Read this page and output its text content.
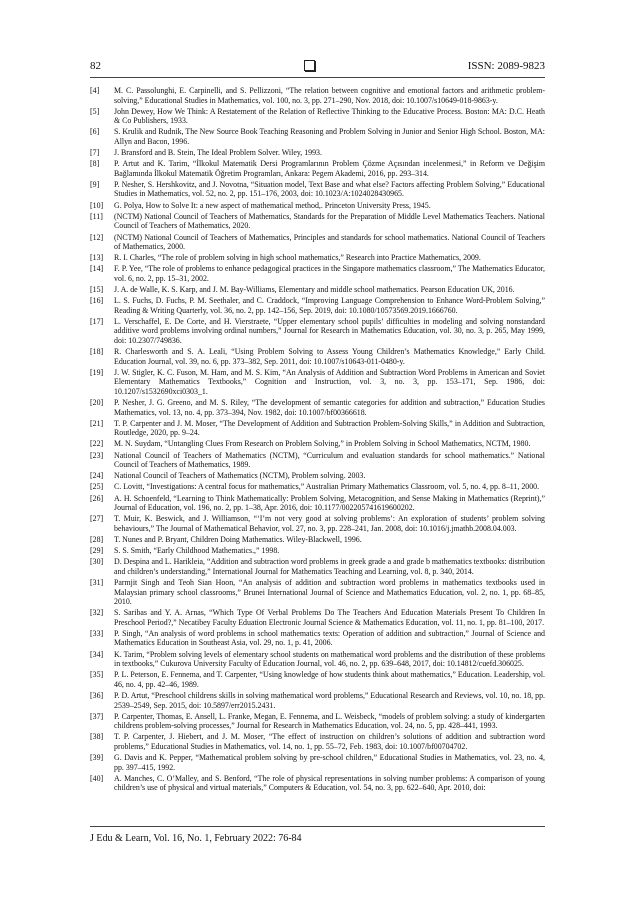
82	ISSN: 2089-9823
[4]	M. C. Passolunghi, E. Carpinelli, and S. Pellizzoni, “The relation between cognitive and emotional factors and arithmetic problem-solving,” Educational Studies in Mathematics, vol. 100, no. 3, pp. 271–290, Nov. 2018, doi: 10.1007/s10649-018-9863-y.
[5]	John Dewey, How We Think: A Restatement of the Relation of Reflective Thinking to the Educative Process. Boston: MA: D.C. Heath & Co Publishers, 1933.
[6]	S. Krulik and Rudnik, The New Source Book Teaching Reasoning and Problem Solving in Junior and Senior High School. Boston, MA: Allyn and Bacon, 1996.
[7]	J. Bransford and B. Stein, The Ideal Problem Solver. Wiley, 1993.
[8]	P. Artut and K. Tarim, “İlkokul Matematik Dersi Programlarının Problem Çözme Açısından incelenmesi,” in Reform ve Değişim Bağlamında İlkokul Matematik Öğretim Programları, Ankara: Pegem Akademi, 2016, pp. 293–314.
[9]	P. Nesher, S. Hershkovitz, and J. Novotna, “Situation model, Text Base and what else? Factors affecting Problem Solving,” Educational Studies in Mathematics, vol. 52, no. 2, pp. 151–176, 2003, doi: 10.1023/A:1024028430965.
[10]	G. Polya, How to Solve It: a new aspect of mathematical method,. Princeton University Press, 1945.
[11]	(NCTM) National Council of Teachers of Mathematics, Standards for the Preparation of Middle Level Mathematics Teachers. National Council of Teachers of Mathematics, 2020.
[12]	(NCTM) National Council of Teachers of Mathematics, Principles and standards for school mathematics. National Council of Teachers of Mathematics, 2000.
[13]	R. I. Charles, “The role of problem solving in high school mathematics,” Research into Practice Mathematics, 2009.
[14]	F. P. Yee, “The role of problems to enhance pedagogical practices in the Singapore mathematics classroom,” The Mathematics Educator, vol. 6, no. 2, pp. 15–31, 2002.
[15]	J. A. de Walle, K. S. Karp, and J. M. Bay-Williams, Elementary and middle school mathematics. Pearson Education UK, 2016.
[16]	L. S. Fuchs, D. Fuchs, P. M. Seethaler, and C. Craddock, “Improving Language Comprehension to Enhance Word‐Problem Solving,” Reading & Writing Quarterly, vol. 36, no. 2, pp. 142–156, Sep. 2019, doi: 10.1080/10573569.2019.1666760.
[17]	L. Verschaffel, E. De Corte, and H. Vierstraete, “Upper elementary school pupils’ difficulties in modeling and solving nonstandard additive word problems involving ordinal numbers,” Journal for Research in Mathematics Education, vol. 30, no. 3, p. 265, May 1999, doi: 10.2307/749836.
[18]	R. Charlesworth and S. A. Leali, “Using Problem Solving to Assess Young Children’s Mathematics Knowledge,” Early Child. Education Journal, vol. 39, no. 6, pp. 373–382, Sep. 2011, doi: 10.1007/s10643-011-0480-y.
[19]	J. W. Stigler, K. C. Fuson, M. Ham, and M. S. Kim, “An Analysis of Addition and Subtraction Word Problems in American and Soviet Elementary Mathematics Textbooks,” Cognition and Instruction, vol. 3, no. 3, pp. 153–171, Sep. 1986, doi: 10.1207/s1532690xci0303_1.
[20]	P. Nesher, J. G. Greeno, and M. S. Riley, “The development of semantic categories for addition and subtraction,” Education Studies Mathematics, vol. 13, no. 4, pp. 373–394, Nov. 1982, doi: 10.1007/bf00366618.
[21]	T. P. Carpenter and J. M. Moser, “The Development of Addition and Subtraction Problem‐Solving Skills,” in Addition and Subtraction, Routledge, 2020, pp. 9–24.
[22]	M. N. Suydam, “Untangling Clues From Research on Problem Solving,” in Problem Solving in School Mathematics, NCTM, 1980.
[23]	National Council of Teachers of Mathematics (NCTM), “Curriculum and evaluation standards for school mathematics.” National Council of Teachers of Mathematics, 1989.
[24]	National Council of Teachers of Mathematics (NCTM), Problem solving. 2003.
[25]	C. Lovitt, “Investigations: A central focus for mathematics,” Australian Primary Mathematics Classroom, vol. 5, no. 4, pp. 8–11, 2000.
[26]	A. H. Schoenfeld, “Learning to Think Mathematically: Problem Solving, Metacognition, and Sense Making in Mathematics (Reprint),” Journal of Education, vol. 196, no. 2, pp. 1–38, Apr. 2016, doi: 10.1177/002205741619600202.
[27]	T. Muir, K. Beswick, and J. Williamson, “‘I’m not very good at solving problems’: An exploration of students’ problem solving behaviours,” The Journal of Mathematical Behavior, vol. 27, no. 3, pp. 228–241, Jan. 2008, doi: 10.1016/j.jmathb.2008.04.003.
[28]	T. Nunes and P. Bryant, Children Doing Mathematics. Wiley-Blackwell, 1996.
[29]	S. S. Smith, “Early Childhood Mathematics.,” 1998.
[30]	D. Despina and L. Harikleia, “Addition and subtraction word problems in greek grade a and grade b mathematics textbooks: distribution and children’s understanding,” International Journal for Mathematics Teaching and Learning, vol. 8, p. 340, 2014.
[31]	Parmjit Singh and Teoh Sian Hoon, “An analysis of addition and subtraction word problems in mathematics textbooks used in Malaysian primary school classrooms,” Brunei International Journal of Science and Mathematics Education, vol. 2, no. 1, pp. 68–85, 2010.
[32]	S. Saribas and Y. A. Arnas, “Which Type Of Verbal Problems Do The Teachers And Education Materials Present To Children In Preschool Period?,” Necatibey Faculty Eduation Electronic Journal Science & Mathematics Education, vol. 11, no. 1, pp. 81–100, 2017.
[33]	P. Singh, “An analysis of word problems in school mathematics texts: Operation of addition and subtraction,” Journal of Science and Mathematics Education in Southeast Asia, vol. 29, no. 1, p. 41, 2006.
[34]	K. Tarim, “Problem solving levels of elementary school students on mathematical word problems and the distribution of these problems in textbooks,” Cukurova University Faculty of Education Journal, vol. 46, no. 2, pp. 639–648, 2017, doi: 10.14812/cuefd.306025.
[35]	P. L. Peterson, E. Fennema, and T. Carpenter, “Using knowledge of how students think about mathematics,” Education. Leadership, vol. 46, no. 4, pp. 42–46, 1989.
[36]	P. D. Artut, “Preschool childrens skills in solving mathematical word problems,” Educational Research and Reviews, vol. 10, no. 18, pp. 2539–2549, Sep. 2015, doi: 10.5897/err2015.2431.
[37]	P. Carpenter, Thomas, E. Ansell, L. Franke, Megan, E. Fennema, and L. Weisbeck, “models of problem solving: a study of kindergarten childrens problem-solving processes,” Journal for Research in Mathematics Education, vol. 24, no. 5, pp. 428–441, 1993.
[38]	T. P. Carpenter, J. Hiebert, and J. M. Moser, “The effect of instruction on children’s solutions of addition and subtraction word problems,” Educational Studies in Mathematics, vol. 14, no. 1, pp. 55–72, Feb. 1983, doi: 10.1007/bf00704702.
[39]	G. Davis and K. Pepper, “Mathematical problem solving by pre-school children,” Educational Studies in Mathematics, vol. 23, no. 4, pp. 397–415, 1992.
[40]	A. Manches, C. O’Malley, and S. Benford, “The role of physical representations in solving number problems: A comparison of young children’s use of physical and virtual materials,” Computers & Education, vol. 54, no. 3, pp. 622–640, Apr. 2010, doi:
J Edu & Learn, Vol. 16, No. 1, February 2022: 76-84
